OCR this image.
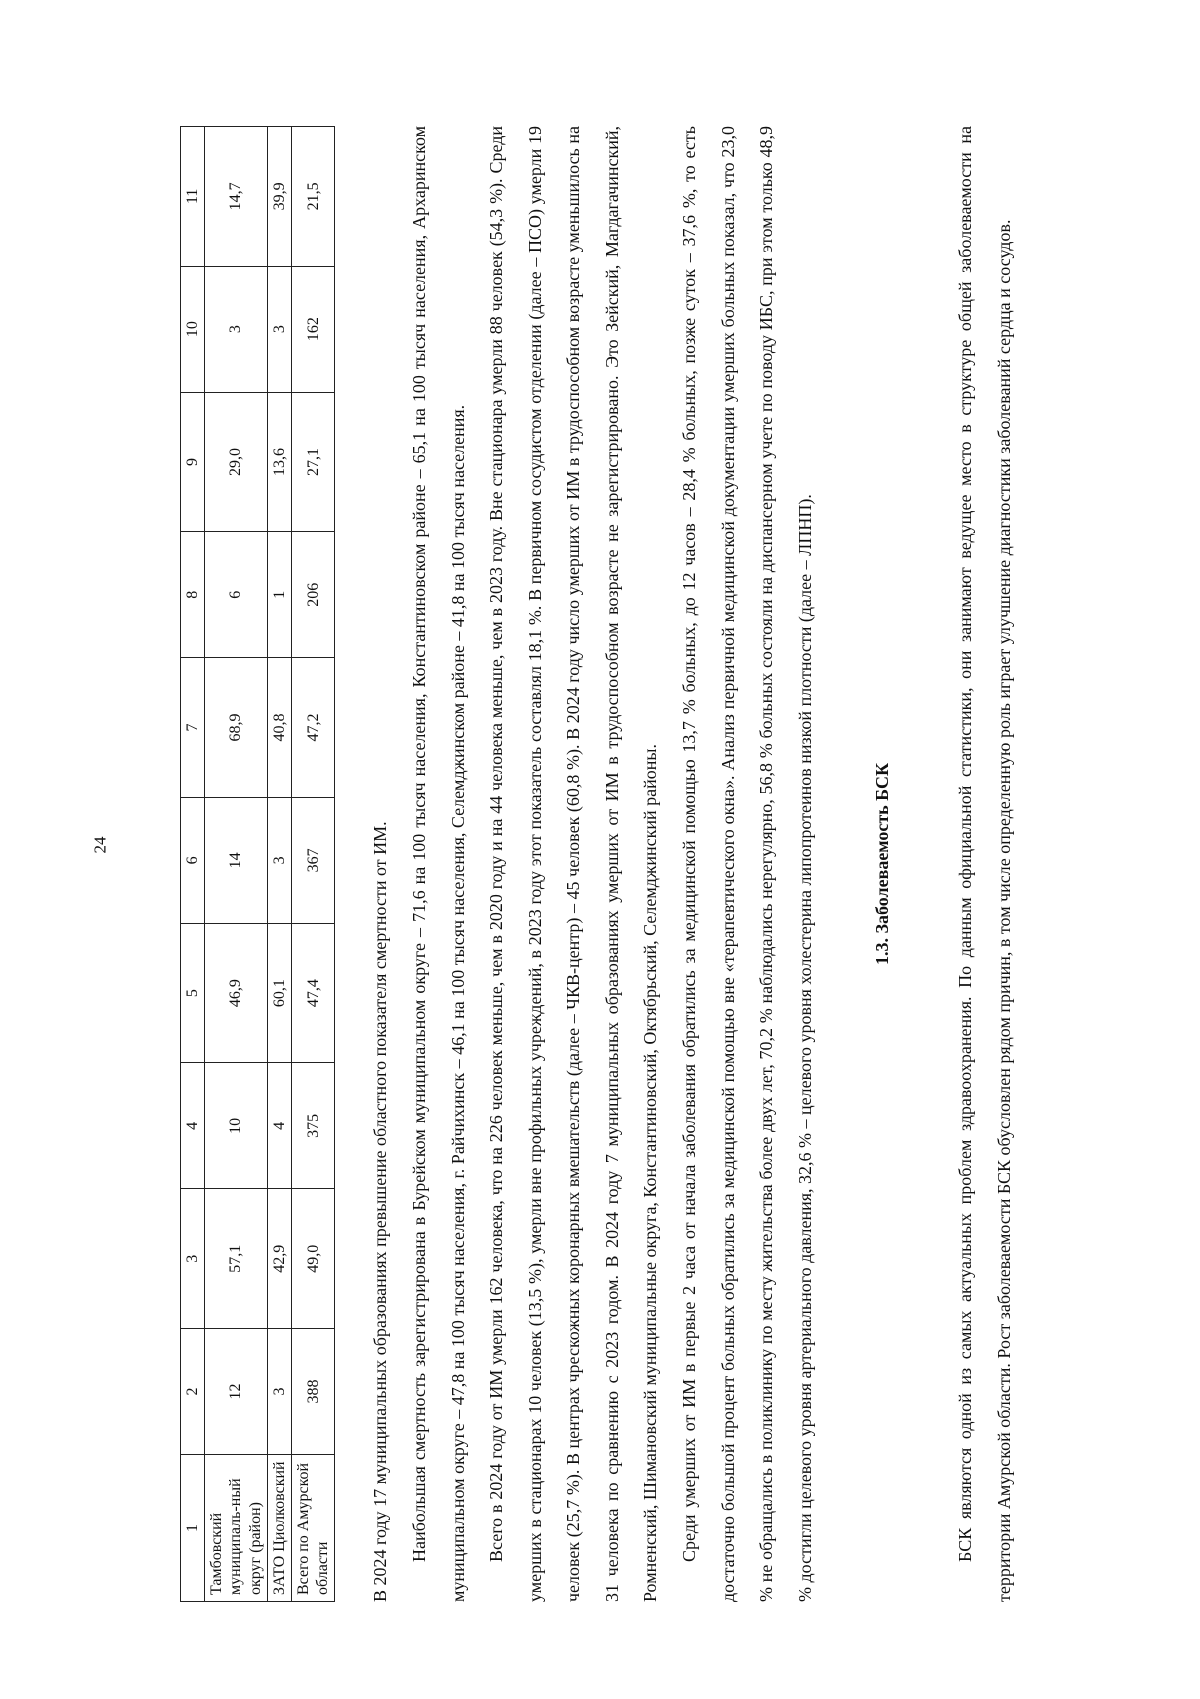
24
1	2	3	4	5	6	7	8	9	10	11
Тамбовский муниципаль-ный округ (район)	12	57,1	10	46,9	14	68,9	6	29,0	3	14,7
ЗАТО Циолковский	3	42,9	4	60,1	3	40,8	1	13,6	3	39,9
Всего по Амурской области	388	49,0	375	47,4	367	47,2	206	27,1	162	21,5

В 2024 году 17 муниципальных образованиях превышение областного показателя смертности от ИМ.	Наибольшая смертность зарегистрирована в Бурейском муниципальном округе – 71,6 на 100 тысяч населения, Константиновском районе – 65,1 на 100 тысяч населения, Архаринском муниципальном округе – 47,8 на 100 тысяч населения, г. Райчихинск – 46,1 на 100 тысяч населения, Селемджинском районе – 41,8 на 100 тысяч населения.	Всего в 2024 году от ИМ умерли 162 человека, что на 226 человек меньше, чем в 2020 году и на 44 человека меньше, чем в 2023 году. Вне стационара умерли 88 человек (54,3 %). Среди умерших в стационарах 10 человек (13,5 %), умерли вне профильных учреждений, в 2023 году этот показатель составлял 18,1 %. В первичном сосудистом отделении (далее – ПСО) умерли 19 человек (25,7 %). В центрах чрескожных коронарных вмешательств (далее – ЧКВ-центр) – 45 человек (60,8 %). В 2024 году число умерших от ИМ в трудоспособном возрасте уменьшилось на 31 человека по сравнению с 2023 годом. В 2024 году 7 муниципальных образованиях умерших от ИМ в трудоспособном возрасте не зарегистрировано. Это Зейский, Магдагачинский, Ромненский, Шимановский муниципальные округа, Константиновский, Октябрьский, Селемджинский районы.	Среди умерших от ИМ в первые 2 часа от начала заболевания обратились за медицинской помощью 13,7 % больных, до 12 часов – 28,4 % больных, позже суток – 37,6 %, то есть достаточно большой процент больных обратились за медицинской помощью вне «терапевтического окна». Анализ первичной медицинской документации умерших больных показал, что 23,0 % не обращались в поликлинику по месту жительства более двух лет, 70,2 % наблюдались нерегулярно, 56,8 % больных состояли на диспансерном учете по поводу ИБС, при этом только 48,9 % достигли целевого уровня артериального давления, 32,6 % – целевого уровня холестерина липопротеинов низкой плотности (далее – ЛПНП).	1.3. Заболеваемость БСК	БСК являются одной из самых актуальных проблем здравоохранения. По данным официальной статистики, они занимают ведущее место в структуре общей заболеваемости на территории Амурской области. Рост заболеваемости БСК обусловлен рядом причин, в том числе определенную роль играет улучшение диагностики заболеваний сердца и сосудов.
